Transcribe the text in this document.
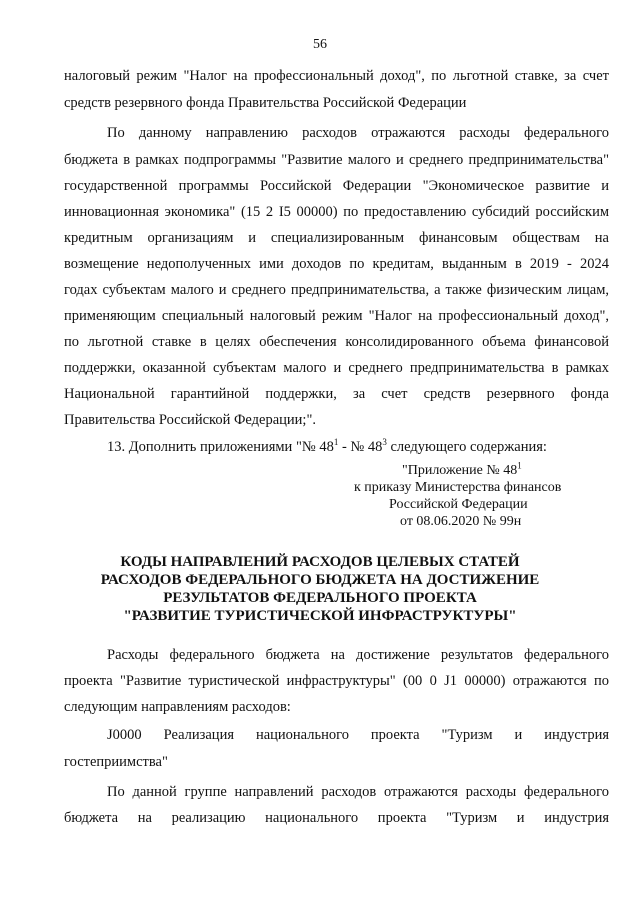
56
налоговый режим "Налог на профессиональный доход", по льготной ставке, за счет
средств резервного фонда Правительства Российской Федерации
По данному направлению расходов отражаются расходы федерального
бюджета в рамках подпрограммы "Развитие малого и среднего предпринимательства"
государственной программы Российской Федерации "Экономическое развитие и
инновационная экономика" (15 2 I5 00000) по предоставлению субсидий российским
кредитным организациям и специализированным финансовым обществам на
возмещение недополученных ими доходов по кредитам, выданным в 2019 - 2024
годах субъектам малого и среднего предпринимательства, а также физическим лицам,
применяющим специальный налоговый режим "Налог на профессиональный доход",
по льготной ставке в целях обеспечения консолидированного объема финансовой
поддержки, оказанной субъектам малого и среднего предпринимательства в рамках
Национальной гарантийной поддержки, за счет средств резервного фонда
Правительства Российской Федерации;".
13. Дополнить приложениями "№ $48^1$ - № $48^3$ следующего содержания:
"Приложение № $48^1$
к приказу Министерства финансов
Российской Федерации
от 08.06.2020 № 99н
КОДЫ НАПРАВЛЕНИЙ РАСХОДОВ ЦЕЛЕВЫХ СТАТЕЙ
РАСХОДОВ ФЕДЕРАЛЬНОГО БЮДЖЕТА НА ДОСТИЖЕНИЕ
РЕЗУЛЬТАТОВ ФЕДЕРАЛЬНОГО ПРОЕКТА
"РАЗВИТИЕ ТУРИСТИЧЕСКОЙ ИНФРАСТРУКТУРЫ"
Расходы федерального бюджета на достижение результатов федерального
проекта "Развитие туристической инфраструктуры" (00 0 J1 00000) отражаются по
следующим направлениям расходов:
J0000 Реализация национального проекта "Туризм и индустрия
гостеприимства"
По данной группе направлений расходов отражаются расходы федерального
бюджета на реализацию национального проекта "Туризм и индустрия
